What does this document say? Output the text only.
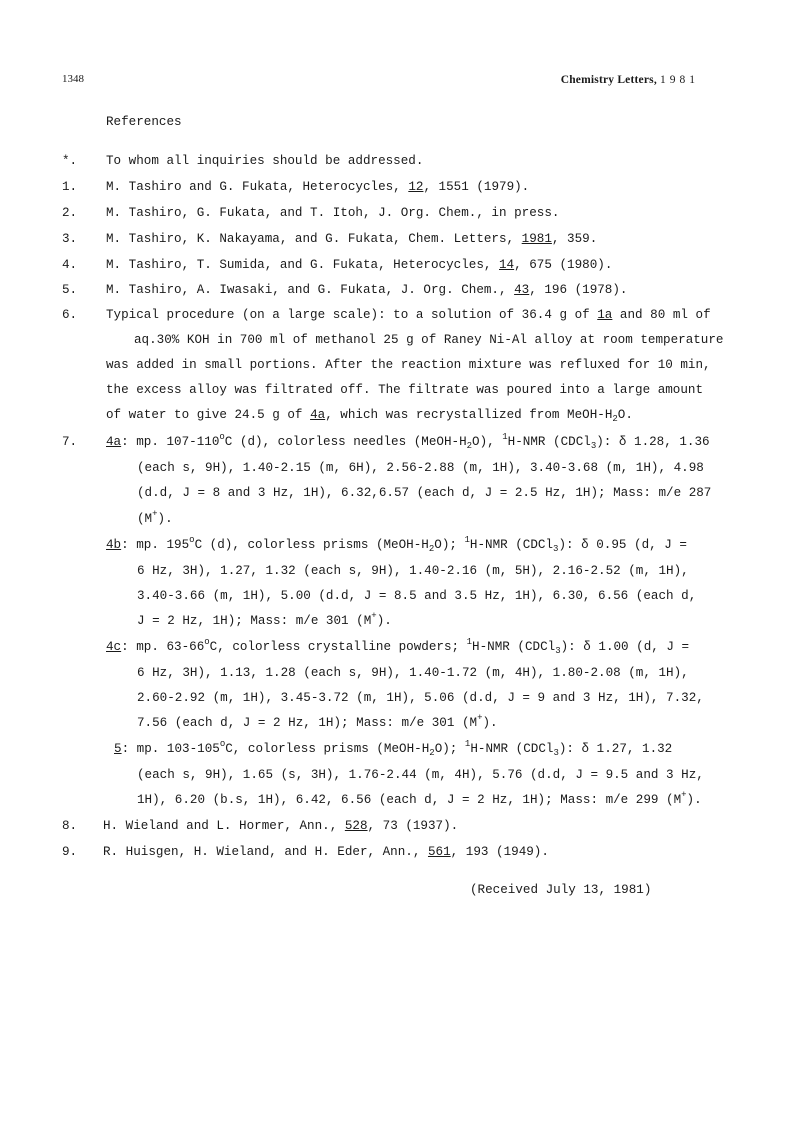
1348	Chemistry Letters, 1981
References
*. To whom all inquiries should be addressed.
1. M. Tashiro and G. Fukata, Heterocycles, 12, 1551 (1979).
2. M. Tashiro, G. Fukata, and T. Itoh, J. Org. Chem., in press.
3. M. Tashiro, K. Nakayama, and G. Fukata, Chem. Letters, 1981, 359.
4. M. Tashiro, T. Sumida, and G. Fukata, Heterocycles, 14, 675 (1980).
5. M. Tashiro, A. Iwasaki, and G. Fukata, J. Org. Chem., 43, 196 (1978).
6. Typical procedure (on a large scale): to a solution of 36.4 g of 1a and 80 ml of
aq.30% KOH in 700 ml of methanol 25 g of Raney Ni-Al alloy at room temperature
was added in small portions. After the reaction mixture was refluxed for 10 min,
the excess alloy was filtrated off. The filtrate was poured into a large amount
of water to give 24.5 g of 4a, which was recrystallized from MeOH-$H_2O$.
7. 4a: mp. 107-110$^o$C (d), colorless needles $(MeOH-H_2O)$, $^1$H-NMR (CDCl$_3$): δ 1.28, 1.36
(each s, 9H), 1.40-2.15 (m, 6H), 2.56-2.88 (m, 1H), 3.40-3.68 (m, 1H), 4.98
(d.d, J = 8 and 3 Hz, 1H), 6.32,6.57 (each d, J = 2.5 Hz, 1H); Mass: m/e 287
(M+).
4b: mp. 195$^o$C (d), colorless prisms $(MeOH-H_2O)$; $^1$H-NMR (CDCl$_3$): δ 0.95 (d, J =
6 Hz, 3H), 1.27, 1.32 (each s, 9H), 1.40-2.16 (m, 5H), 2.16-2.52 (m, 1H),
3.40-3.66 (m, 1H), 5.00 (d.d, J = 8.5 and 3.5 Hz, 1H), 6.30, 6.56 (each d,
J = 2 Hz, 1H); Mass: m/e 301 (M+).
4c: mp. 63-66$^o$C, colorless crystalline powders; $^1$H-NMR (CDCl$_3$): δ 1.00 (d, J =
6 Hz, 3H), 1.13, 1.28 (each s, 9H), 1.40-1.72 (m, 4H), 1.80-2.08 (m, 1H),
2.60-2.92 (m, 1H), 3.45-3.72 (m, 1H), 5.06 (d.d, J = 9 and 3 Hz, 1H), 7.32,
7.56 (each d, J = 2 Hz, 1H); Mass: m/e 301 (M+).
5: mp. 103-105$^o$C, colorless prisms $(MeOH-H_2O)$; $^1$H-NMR (CDCl$_3$): δ 1.27, 1.32
(each s, 9H), 1.65 (s, 3H), 1.76-2.44 (m, 4H), 5.76 (d.d, J = 9.5 and 3 Hz,
1H), 6.20 (b.s, 1H), 6.42, 6.56 (each d, J = 2 Hz, 1H); Mass: m/e 299 (M+).
8. H. Wieland and L. Hormer, Ann., 528, 73 (1937).
9. R. Huisgen, H. Wieland, and H. Eder, Ann., 561, 193 (1949).
(Received July 13, 1981)
